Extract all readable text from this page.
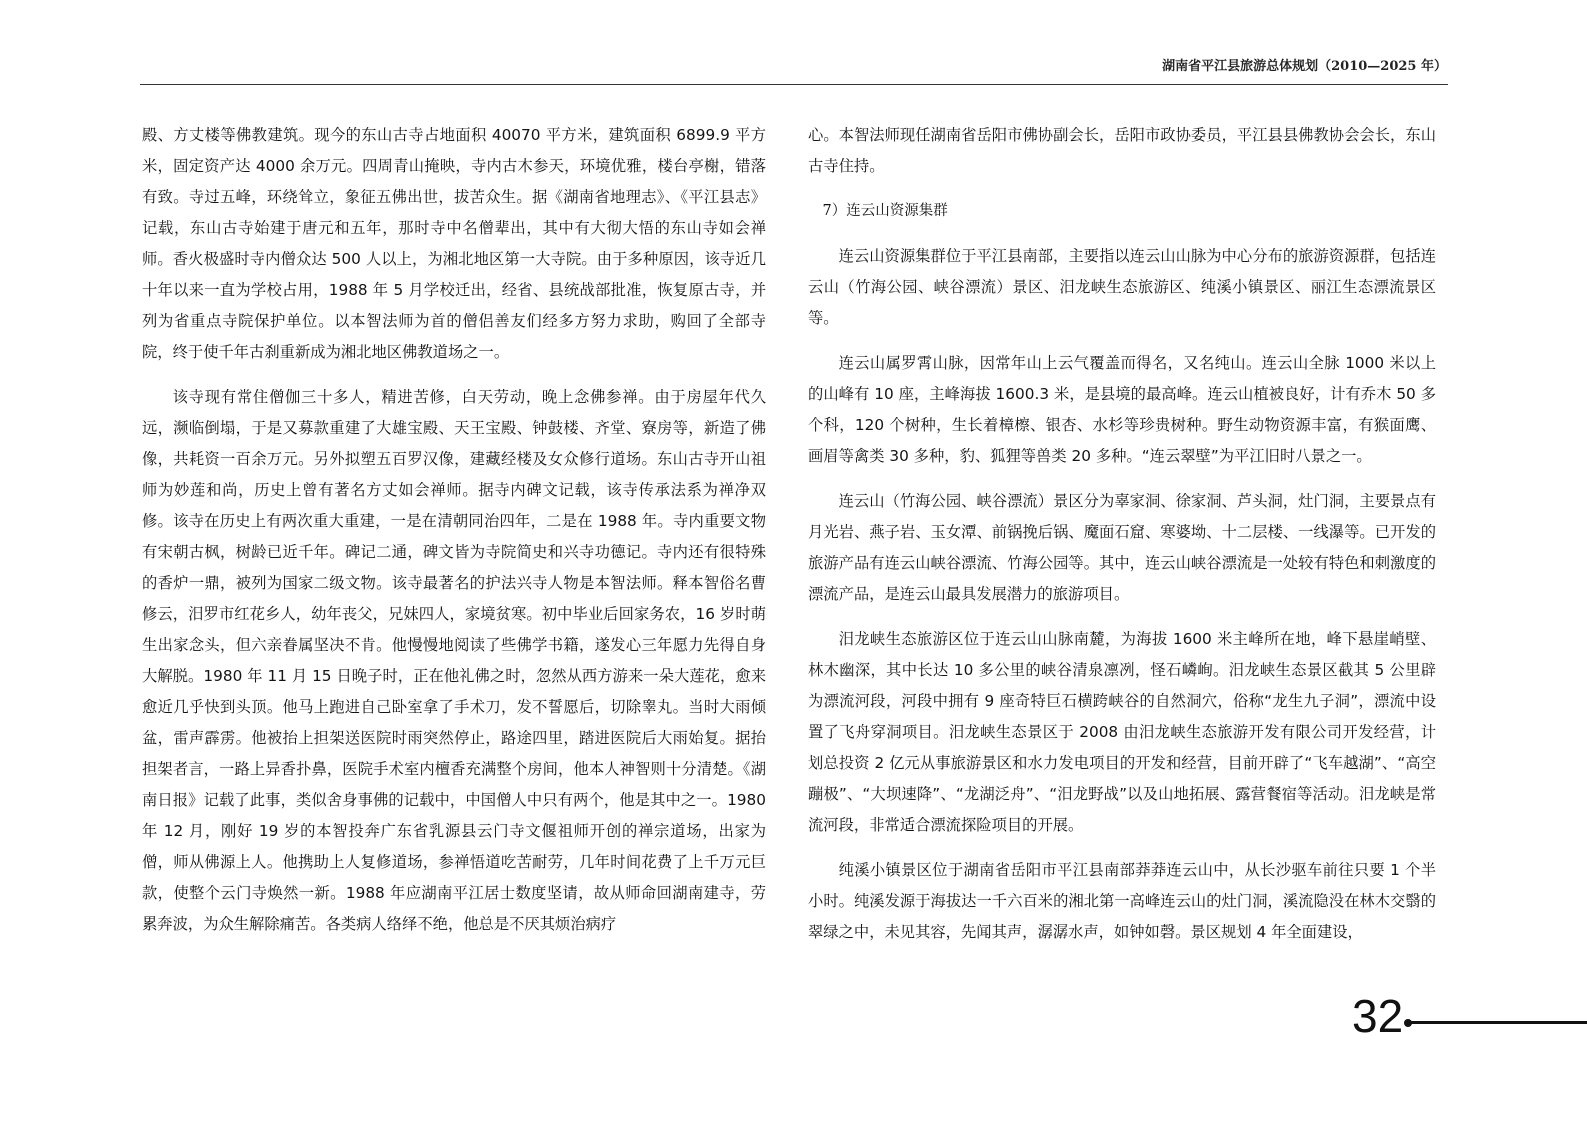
湖南省平江县旅游总体规划（2010—2025 年）

殿、方丈楼等佛教建筑。现今的东山古寺占地面积 40070 平方米，建筑面积 6899.9 平方米，固定资产达 4000 余万元。四周青山掩映，寺内古木参天，环境优雅，楼台亭榭，错落有致。寺过五峰，环绕耸立，象征五佛出世，拔苦众生。据《湖南省地理志》、《平江县志》记载，东山古寺始建于唐元和五年，那时寺中名僧辈出，其中有大彻大悟的东山寺如会禅师。香火极盛时寺内僧众达 500 人以上，为湘北地区第一大寺院。由于多种原因，该寺近几十年以来一直为学校占用，1988 年 5 月学校迁出，经省、县统战部批准，恢复原古寺，并列为省重点寺院保护单位。以本智法师为首的僧侣善友们经多方努力求助，购回了全部寺院，终于使千年古刹重新成为湘北地区佛教道场之一。

该寺现有常住僧伽三十多人，精进苦修，白天劳动，晚上念佛参禅。由于房屋年代久远，濒临倒塌，于是又募款重建了大雄宝殿、天王宝殿、钟鼓楼、齐堂、寮房等，新造了佛像，共耗资一百余万元。另外拟塑五百罗汉像，建藏经楼及女众修行道场。东山古寺开山祖师为妙莲和尚，历史上曾有著名方丈如会禅师。据寺内碑文记载，该寺传承法系为禅净双修。该寺在历史上有两次重大重建，一是在清朝同治四年，二是在 1988 年。寺内重要文物有宋朝古枫，树龄已近千年。碑记二通，碑文皆为寺院简史和兴寺功德记。寺内还有很特殊的香炉一鼎，被列为国家二级文物。该寺最著名的护法兴寺人物是本智法师。释本智俗名曹修云，汨罗市红花乡人，幼年丧父，兄妹四人，家境贫寒。初中毕业后回家务农，16 岁时萌生出家念头，但六亲眷属坚决不肯。他慢慢地阅读了些佛学书籍，遂发心三年愿力先得自身大解脱。1980 年 11 月 15 日晚子时，正在他礼佛之时，忽然从西方游来一朵大莲花，愈来愈近几乎快到头顶。他马上跑进自己卧室拿了手术刀，发不誓愿后，切除睾丸。当时大雨倾盆，雷声霹雳。他被抬上担架送医院时雨突然停止，路途四里，踏进医院后大雨始复。据抬担架者言，一路上异香扑鼻，医院手术室内檀香充满整个房间，他本人神智则十分清楚。《湖南日报》记载了此事，类似舍身事佛的记载中，中国僧人中只有两个，他是其中之一。1980 年 12 月，刚好 19 岁的本智投奔广东省乳源县云门寺文偃祖师开创的禅宗道场，出家为僧，师从佛源上人。他携助上人复修道场，参禅悟道吃苦耐劳，几年时间花费了上千万元巨款，使整个云门寺焕然一新。1988 年应湖南平江居士数度坚请，故从师命回湖南建寺，劳累奔波，为众生解除痛苦。各类病人络绎不绝，他总是不厌其烦治病疗

心。本智法师现任湖南省岳阳市佛协副会长，岳阳市政协委员，平江县县佛教协会会长，东山古寺住持。

7）连云山资源集群

连云山资源集群位于平江县南部，主要指以连云山山脉为中心分布的旅游资源群，包括连云山（竹海公园、峡谷漂流）景区、汨龙峡生态旅游区、纯溪小镇景区、丽江生态漂流景区等。

连云山属罗霄山脉，因常年山上云气覆盖而得名，又名纯山。连云山全脉 1000 米以上的山峰有 10 座，主峰海拔 1600.3 米，是县境的最高峰。连云山植被良好，计有乔木 50 多个科，120 个树种，生长着樟檫、银杏、水杉等珍贵树种。野生动物资源丰富，有猴面鹰、画眉等禽类 30 多种，豹、狐狸等兽类 20 多种。“连云翠壁”为平江旧时八景之一。

连云山（竹海公园、峡谷漂流）景区分为辜家洞、徐家洞、芦头洞，灶门洞，主要景点有月光岩、燕子岩、玉女潭、前锅挽后锅、魔面石窟、寒婆坳、十二层楼、一线瀑等。已开发的旅游产品有连云山峡谷漂流、竹海公园等。其中，连云山峡谷漂流是一处较有特色和刺激度的漂流产品，是连云山最具发展潜力的旅游项目。

汨龙峡生态旅游区位于连云山山脉南麓，为海拔 1600 米主峰所在地，峰下悬崖峭壁、林木幽深，其中长达 10 多公里的峡谷清泉凛冽，怪石嶙峋。汨龙峡生态景区截其 5 公里辟为漂流河段，河段中拥有 9 座奇特巨石横跨峡谷的自然洞穴，俗称“龙生九子洞”，漂流中设置了飞舟穿洞项目。汨龙峡生态景区于 2008 由汨龙峡生态旅游开发有限公司开发经营，计划总投资 2 亿元从事旅游景区和水力发电项目的开发和经营，目前开辟了“飞车越湖”、“高空蹦极”、“大坝速降”、“龙湖泛舟”、“汨龙野战”以及山地拓展、露营餐宿等活动。汨龙峡是常流河段，非常适合漂流探险项目的开展。

纯溪小镇景区位于湖南省岳阳市平江县南部莽莽连云山中，从长沙驱车前往只要 1 个半小时。纯溪发源于海拔达一千六百米的湘北第一高峰连云山的灶门洞，溪流隐没在林木交翳的翠绿之中，未见其容，先闻其声，潺潺水声，如钟如磬。景区规划 4 年全面建设，

32
